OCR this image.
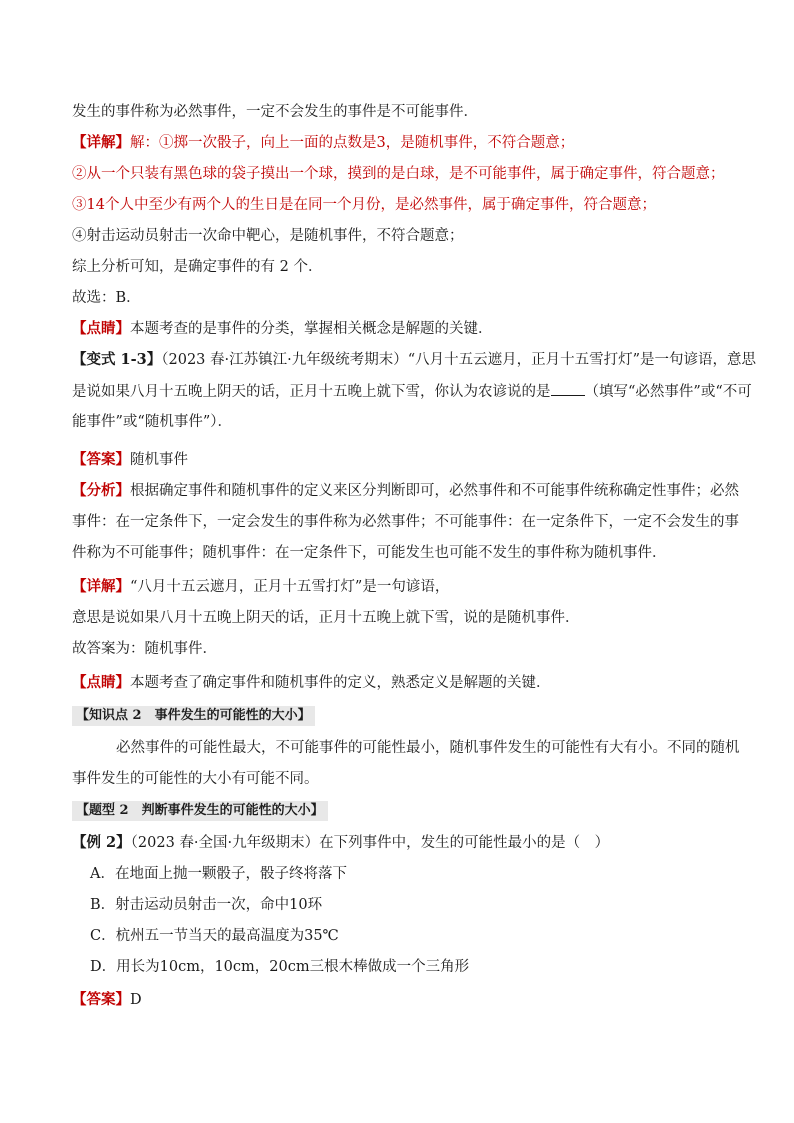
发生的事件称为必然事件，一定不会发生的事件是不可能事件．
【详解】解：①掷一次骰子，向上一面的点数是3，是随机事件，不符合题意；
②从一个只装有黑色球的袋子摸出一个球，摸到的是白球，是不可能事件，属于确定事件，符合题意；
③14个人中至少有两个人的生日是在同一个月份，是必然事件，属于确定事件，符合题意；
④射击运动员射击一次命中靶心，是随机事件，不符合题意；
综上分析可知，是确定事件的有 2 个．
故选：B．
【点睛】本题考查的是事件的分类，掌握相关概念是解题的关键．
【变式 1-3】（2023 春·江苏镇江·九年级统考期末）“八月十五云遮月，正月十五雪打灯”是一句谚语，意思
是说如果八月十五晚上阴天的话，正月十五晚上就下雪，你认为农谚说的是 （填写“必然事件”或“不可
能事件”或“随机事件”）．
【答案】随机事件
【分析】根据确定事件和随机事件的定义来区分判断即可，必然事件和不可能事件统称确定性事件；必然
事件：在一定条件下，一定会发生的事件称为必然事件；不可能事件：在一定条件下，一定不会发生的事
件称为不可能事件；随机事件：在一定条件下，可能发生也可能不发生的事件称为随机事件．
【详解】“八月十五云遮月，正月十五雪打灯”是一句谚语，
意思是说如果八月十五晚上阴天的话，正月十五晚上就下雪，说的是随机事件．
故答案为：随机事件．
【点睛】本题考查了确定事件和随机事件的定义，熟悉定义是解题的关键．
【知识点 2　事件发生的可能性的大小】
必然事件的可能性最大，不可能事件的可能性最小，随机事件发生的可能性有大有小。不同的随机
事件发生的可能性的大小有可能不同。
【题型 2　判断事件发生的可能性的大小】
【例 2】（2023 春·全国·九年级期末）在下列事件中，发生的可能性最小的是（　）
A．在地面上抛一颗骰子，骰子终将落下
B．射击运动员射击一次，命中10环
C．杭州五一节当天的最高温度为35℃
D．用长为10cm，10cm，20cm三根木棒做成一个三角形
【答案】D
